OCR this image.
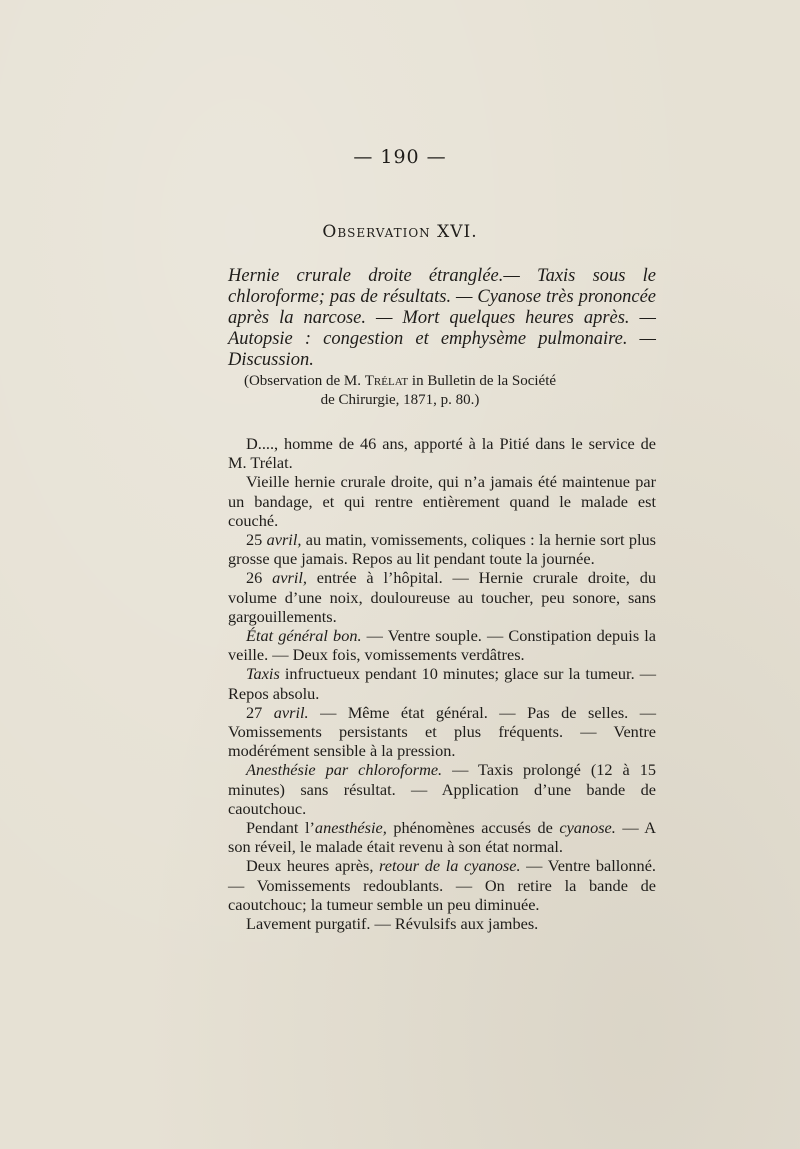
— 190 —
Observation XVI.

Hernie crurale droite étranglée.— Taxis sous le chloroforme; pas de résultats. — Cyanose très prononcée après la narcose. — Mort quelques heures après. — Autopsie : congestion et emphysème pulmonaire. — Discussion.

(Observation de M. Trélat in Bulletin de la Société
de Chirurgie, 1871, p. 80.)

D...., homme de 46 ans, apporté à la Pitié dans le service de M. Trélat.

Vieille hernie crurale droite, qui n’a jamais été maintenue par un bandage, et qui rentre entièrement quand le malade est couché.

25 avril, au matin, vomissements, coliques : la hernie sort plus grosse que jamais. Repos au lit pendant toute la journée.

26 avril, entrée à l’hôpital. — Hernie crurale droite, du volume d’une noix, douloureuse au toucher, peu sonore, sans gargouillements.

État général bon. — Ventre souple. — Constipation depuis la veille. — Deux fois, vomissements verdâtres.

Taxis infructueux pendant 10 minutes; glace sur la tumeur. — Repos absolu.

27 avril. — Même état général. — Pas de selles. — Vomissements persistants et plus fréquents. — Ventre modérément sensible à la pression.

Anesthésie par chloroforme. — Taxis prolongé (12 à 15 minutes) sans résultat. — Application d’une bande de caoutchouc.

Pendant l’anesthésie, phénomènes accusés de cyanose. — A son réveil, le malade était revenu à son état normal.

Deux heures après, retour de la cyanose. — Ventre ballonné. — Vomissements redoublants. — On retire la bande de caoutchouc; la tumeur semble un peu diminuée.

Lavement purgatif. — Révulsifs aux jambes.
